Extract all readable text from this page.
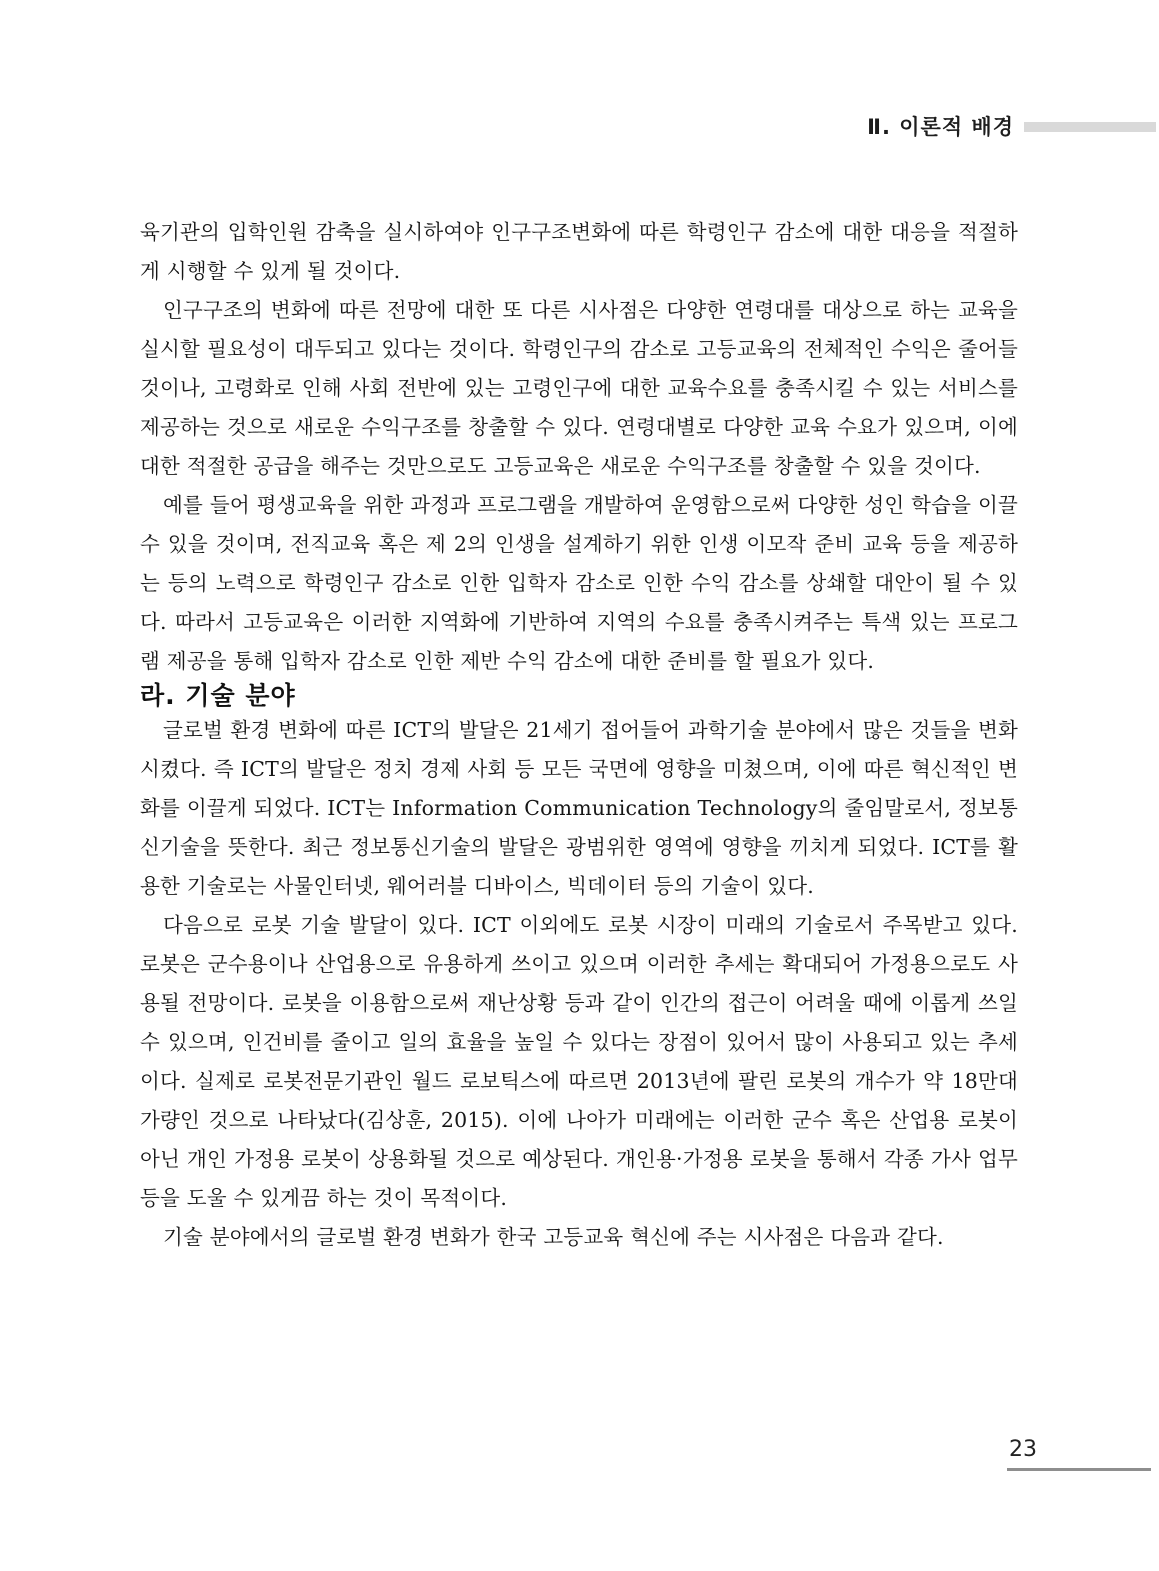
Ⅱ. 이론적 배경

육기관의 입학인원 감축을 실시하여야 인구구조변화에 따른 학령인구 감소에 대한 대응을 적절하게 시행할 수 있게 될 것이다.

인구구조의 변화에 따른 전망에 대한 또 다른 시사점은 다양한 연령대를 대상으로 하는 교육을 실시할 필요성이 대두되고 있다는 것이다. 학령인구의 감소로 고등교육의 전체적인 수익은 줄어들 것이나, 고령화로 인해 사회 전반에 있는 고령인구에 대한 교육수요를 충족시킬 수 있는 서비스를 제공하는 것으로 새로운 수익구조를 창출할 수 있다. 연령대별로 다양한 교육 수요가 있으며, 이에 대한 적절한 공급을 해주는 것만으로도 고등교육은 새로운 수익구조를 창출할 수 있을 것이다.

예를 들어 평생교육을 위한 과정과 프로그램을 개발하여 운영함으로써 다양한 성인 학습을 이끌 수 있을 것이며, 전직교육 혹은 제 2의 인생을 설계하기 위한 인생 이모작 준비 교육 등을 제공하는 등의 노력으로 학령인구 감소로 인한 입학자 감소로 인한 수익 감소를 상쇄할 대안이 될 수 있다. 따라서 고등교육은 이러한 지역화에 기반하여 지역의 수요를 충족시켜주는 특색 있는 프로그램 제공을 통해 입학자 감소로 인한 제반 수익 감소에 대한 준비를 할 필요가 있다.

라. 기술 분야

글로벌 환경 변화에 따른 ICT의 발달은 21세기 접어들어 과학기술 분야에서 많은 것들을 변화시켰다. 즉 ICT의 발달은 정치 경제 사회 등 모든 국면에 영향을 미쳤으며, 이에 따른 혁신적인 변화를 이끌게 되었다. ICT는 Information Communication Technology의 줄임말로서, 정보통신기술을 뜻한다. 최근 정보통신기술의 발달은 광범위한 영역에 영향을 끼치게 되었다. ICT를 활용한 기술로는 사물인터넷, 웨어러블 디바이스, 빅데이터 등의 기술이 있다.

다음으로 로봇 기술 발달이 있다. ICT 이외에도 로봇 시장이 미래의 기술로서 주목받고 있다. 로봇은 군수용이나 산업용으로 유용하게 쓰이고 있으며 이러한 추세는 확대되어 가정용으로도 사용될 전망이다. 로봇을 이용함으로써 재난상황 등과 같이 인간의 접근이 어려울 때에 이롭게 쓰일 수 있으며, 인건비를 줄이고 일의 효율을 높일 수 있다는 장점이 있어서 많이 사용되고 있는 추세이다. 실제로 로봇전문기관인 월드 로보틱스에 따르면 2013년에 팔린 로봇의 개수가 약 18만대 가량인 것으로 나타났다(김상훈, 2015). 이에 나아가 미래에는 이러한 군수 혹은 산업용 로봇이 아닌 개인 가정용 로봇이 상용화될 것으로 예상된다. 개인용·가정용 로봇을 통해서 각종 가사 업무 등을 도울 수 있게끔 하는 것이 목적이다.

기술 분야에서의 글로벌 환경 변화가 한국 고등교육 혁신에 주는 시사점은 다음과 같다.

23
